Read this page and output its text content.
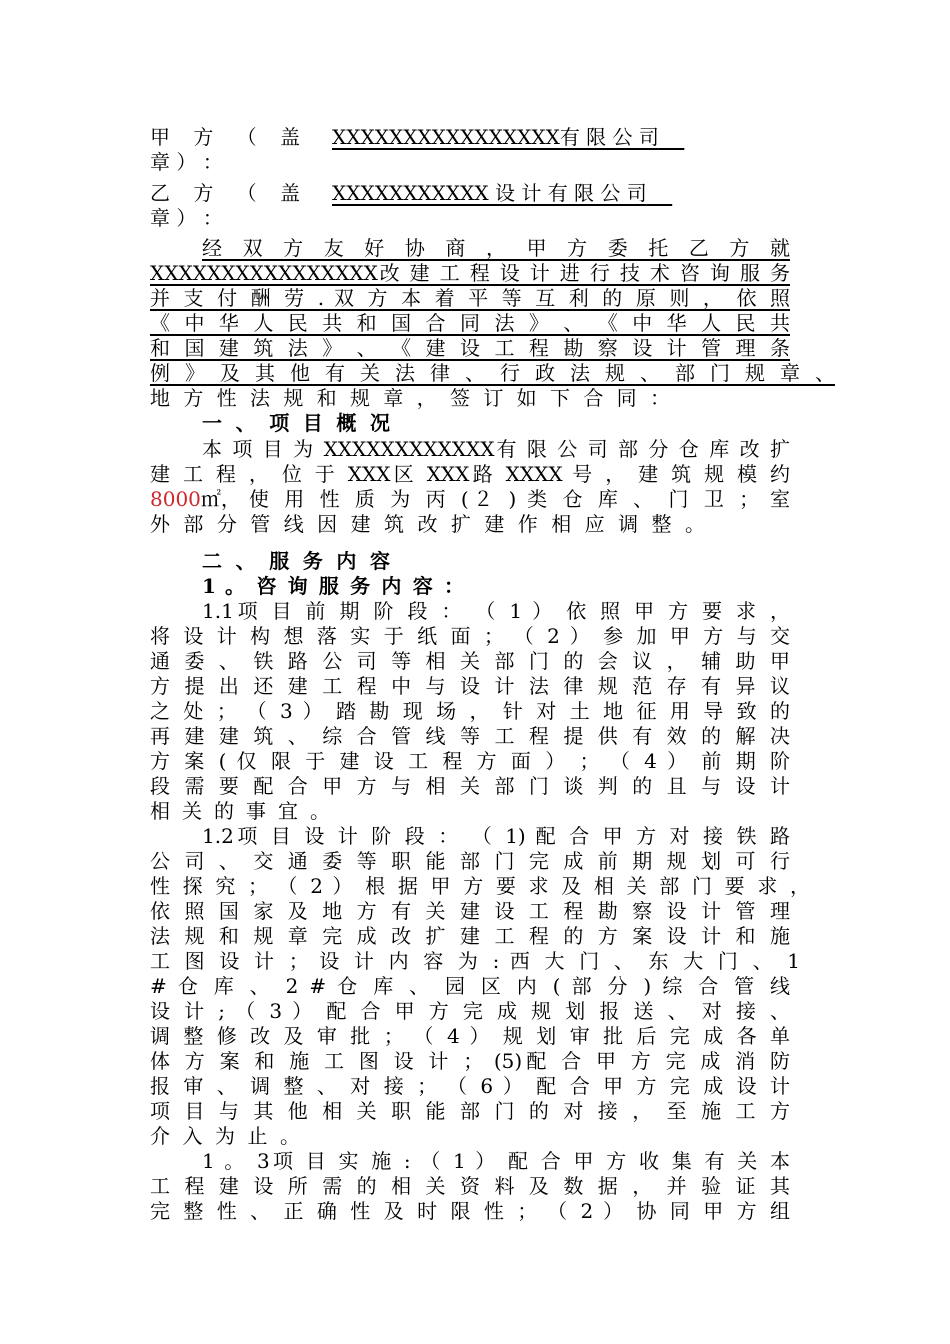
甲 方 （ 盖	XXXXXXXXXXXXXXXX有 限 公 司
章 ） ：
乙 方 （ 盖	XXXXXXXXXXX 设 计 有 限 公 司
章 ） ：
经 双 方 友 好 协 商 ， 甲 方 委 托 乙 方 就
XXXXXXXXXXXXXXXX改 建 工 程 设 计 进 行 技 术 咨 询 服 务
并 支 付 酬 劳 . 双 方 本 着 平 等 互 利 的 原 则 ， 依 照
《 中 华 人 民 共 和 国 合 同 法 》 、 《 中 华 人 民 共
和 国 建 筑 法 》 、 《 建 设 工 程 勘 察 设 计 管 理 条
例 》 及 其 他 有 关 法 律 、 行 政 法 规 、 部 门 规 章 、
地 方 性 法 规 和 规 章 ， 签 订 如 下 合 同 ：
一 、 项 目 概 况
本 项 目 为 XXXXXXXXXXXX有 限 公 司 部 分 仓 库 改 扩
建 工 程 ， 位 于 XXX区 XXX路 XXXX 号 ， 建 筑 规 模 约
8000 ㎡， 使 用 性 质 为 丙 (２ ) 类 仓 库 、 门 卫 ； 室
外 部 分 管 线 因 建 筑 改 扩 建 作 相 应 调 整 。
二 、 服 务 内 容
1 。 咨 询 服 务 内 容 ：
1.1项 目 前 期 阶 段 ： （ 1 ） 依 照 甲 方 要 求 ，
将 设 计 构 想 落 实 于 纸 面 ； （ 2 ） 参 加 甲 方 与 交
通 委 、 铁 路 公 司 等 相 关 部 门 的 会 议 ， 辅 助 甲
方 提 出 还 建 工 程 中 与 设 计 法 律 规 范 存 有 异 议
之 处 ； （ 3 ） 踏 勘 现 场 ， 针 对 土 地 征 用 导 致 的
再 建 建 筑 、 综 合 管 线 等 工 程 提 供 有 效 的 解 决
方 案 ( 仅 限 于 建 设 工 程 方 面 ） ； （ 4 ） 前 期 阶
段 需 要 配 合 甲 方 与 相 关 部 门 谈 判 的 且 与 设 计
相 关 的 事 宜 。
1.2项 目 设 计 阶 段 ： （ 1) 配 合 甲 方 对 接 铁 路
公 司 、 交 通 委 等 职 能 部 门 完 成 前 期 规 划 可 行
性 探 究 ； （ 2 ） 根 据 甲 方 要 求 及 相 关 部 门 要 求 ，
依 照 国 家 及 地 方 有 关 建 设 工 程 勘 察 设 计 管 理
法 规 和 规 章 完 成 改 扩 建 工 程 的 方 案 设 计 和 施
工 图 设 计 ； 设 计 内 容 为 : 西 大 门 、 东 大 门 、 1
# 仓 库 、 2 # 仓 库 、 园 区 内 ( 部 分 ) 综 合 管 线
设 计 ; （ 3 ） 配 合 甲 方 完 成 规 划 报 送 、 对 接 、
调 整 修 改 及 审 批 ； （ 4 ） 规 划 审 批 后 完 成 各 单
体 方 案 和 施 工 图 设 计 ； (5)配 合 甲 方 完 成 消 防
报 审 、 调 整 、 对 接 ； （ 6 ） 配 合 甲 方 完 成 设 计
项 目 与 其 他 相 关 职 能 部 门 的 对 接 ， 至 施 工 方
介 入 为 止 。
1 。 3项 目 实 施 : （ 1 ） 配 合 甲 方 收 集 有 关 本
工 程 建 设 所 需 的 相 关 资 料 及 数 据 ， 并 验 证 其
完 整 性 、 正 确 性 及 时 限 性 ； （ 2 ） 协 同 甲 方 组
